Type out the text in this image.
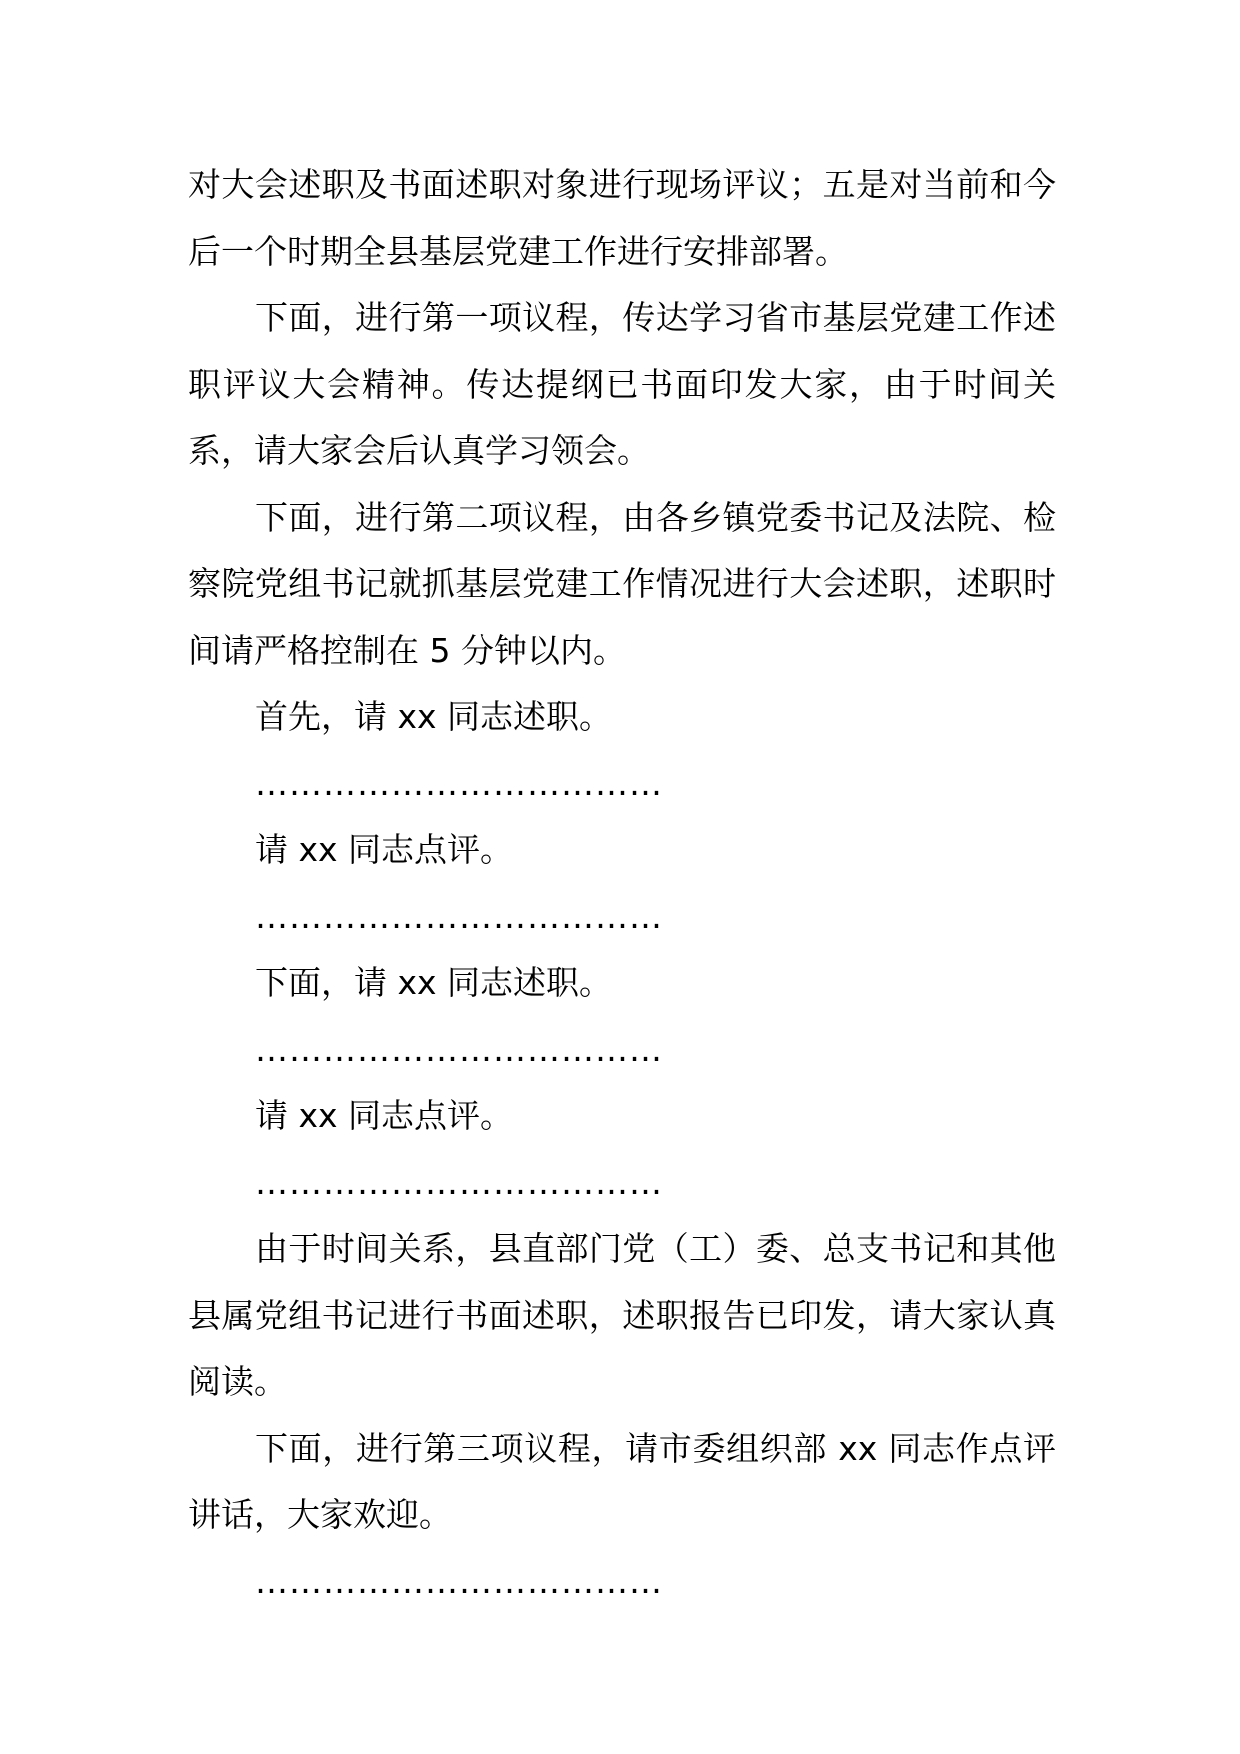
对大会述职及书面述职对象进行现场评议；五是对当前和今后一个时期全县基层党建工作进行安排部署。

下面，进行第一项议程，传达学习省市基层党建工作述职评议大会精神。传达提纲已书面印发大家，由于时间关系，请大家会后认真学习领会。

下面，进行第二项议程，由各乡镇党委书记及法院、检察院党组书记就抓基层党建工作情况进行大会述职，述职时间请严格控制在 5 分钟以内。

首先，请 xx 同志述职。

………………………………

请 xx 同志点评。

………………………………

下面，请 xx 同志述职。

………………………………

请 xx 同志点评。

………………………………

由于时间关系，县直部门党（工）委、总支书记和其他县属党组书记进行书面述职，述职报告已印发，请大家认真阅读。

下面，进行第三项议程，请市委组织部 xx 同志作点评讲话，大家欢迎。

………………………………
